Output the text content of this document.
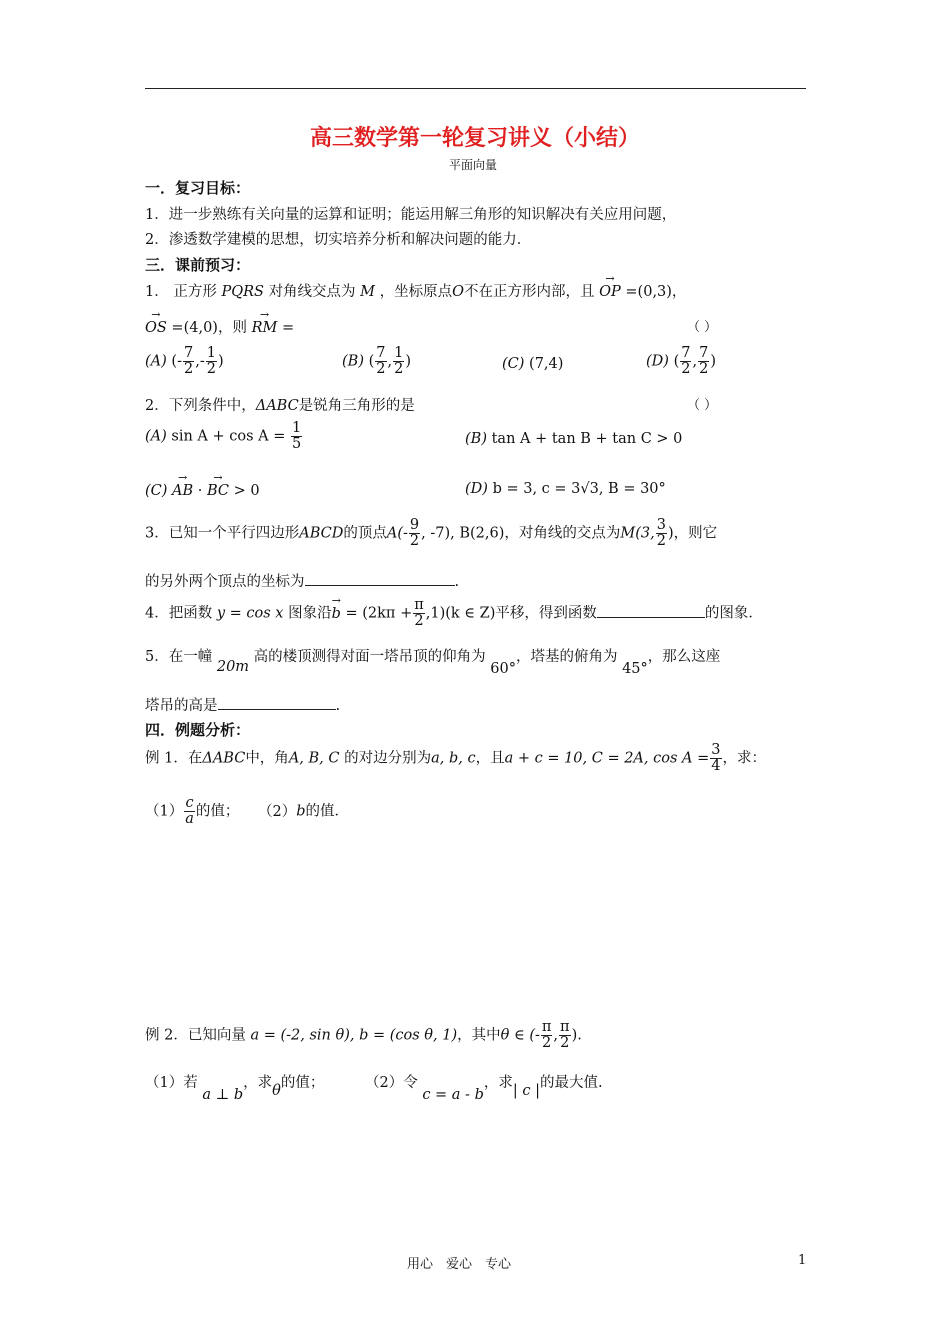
高三数学第一轮复习讲义（小结）
平面向量
一．复习目标：
1．进一步熟练有关向量的运算和证明；能运用解三角形的知识解决有关应用问题，
2．渗透数学建模的思想，切实培养分析和解决问题的能力．
三．课前预习：
1． 正方形 PQRS 对角线交点为 M ，坐标原点O不在正方形内部，且 → OP =(0,3)，
→ OS =(4,0)，则 → RM =	（ ）
(A) (- $\frac{7}{2}$ ,- $\frac{1}{2}$ )	(B) ( $\frac{7}{2}$ , $\frac{1}{2}$ )	(C) (7,4)	(D) ( $\frac{7}{2}$ , $\frac{7}{2}$ )
2．下列条件中，ΔABC是锐角三角形的是	（ ）
(A) $\sin A + \cos A = \frac{1}{5}$	(B) tan A + tan B + tan C > 0
(C) → AB · → BC > 0	(D) b = 3, c = 3√3, B = 30°
3．已知一个平行四边形ABCD的顶点$A(- \frac{9}{2}$ , -7), B(2,6)，对角线的交点为M(3, $\frac{3}{2}$ )，则它
的另外两个顶点的坐标为	.
4．把函数 y = cos x 图象沿→ $b = (2k\pi + \frac{\pi}{2} ,1)(k$ ∈ Z)平移，得到函数	的图象．
5．在一幢 20m 高的楼顶测得对面一塔吊顶的仰角为 60°，塔基的俯角为 45°，那么这座
塔吊的高是	.
四．例题分析：
例 1．在ΔABC中，角A, B, C 的对边分别为a, b, c，且a + c = 10, C = 2A, $\cos A = \frac{3}{4}$ ，求：
$(1) \frac{c}{a}$ 的值； （2）b的值．
例 2．已知向量 a = (-2, sin θ), b = (cos θ, 1)，其中θ ∈ (- $\frac{\pi}{2}$ , $\frac{\pi}{2}$ ).
（1）若 a ⊥ b，求θ的值；	（2）令 c = a - b，求| c |的最大值.
用心　爱心　专心	1
